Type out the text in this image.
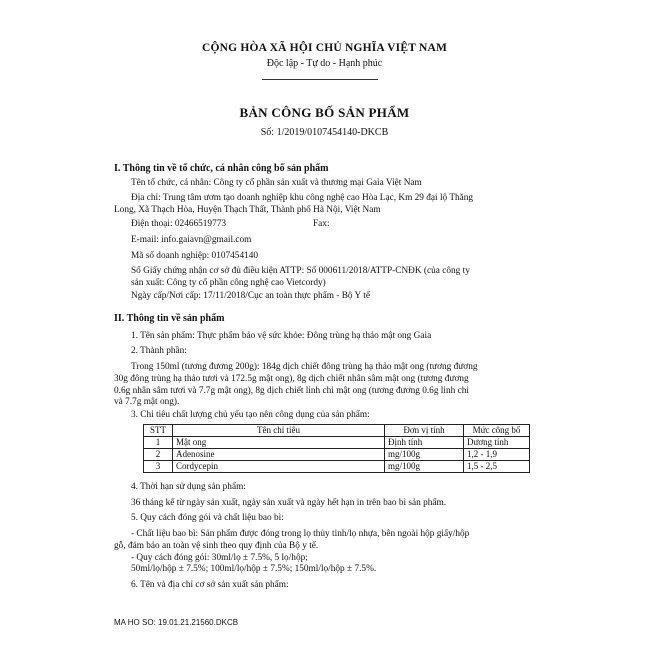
CỘNG HÒA XÃ HỘI CHỦ NGHĨA VIỆT NAM
Độc lập - Tự do - Hạnh phúc
BẢN CÔNG BỐ SẢN PHẨM
Số: 1/2019/0107454140-DKCB
I. Thông tin về tổ chức, cá nhân công bố sản phẩm
Tên tổ chức, cá nhân: Công ty cổ phần sản xuất và thương mại Gaia Việt Nam
Địa chỉ: Trung tâm ươm tạo doanh nghiệp khu công nghệ cao Hòa Lạc, Km 29 đại lộ Thăng
Long, Xã Thạch Hòa, Huyện Thạch Thất, Thành phố Hà Nội, Việt Nam
Điện thoại: 02466519773	Fax:
E-mail: info.gaiavn@gmail.com
Mã số doanh nghiệp: 0107454140
Số Giấy chứng nhận cơ sở đủ điều kiện ATTP: Số 000611/2018/ATTP-CNĐK (của công ty
sản xuất: Công ty cổ phần công nghệ cao Vietcordy)
Ngày cấp/Nơi cấp: 17/11/2018/Cục an toàn thực phẩm - Bộ Y tế
II. Thông tin về sản phẩm
1. Tên sản phẩm: Thực phẩm bảo vệ sức khỏe: Đông trùng hạ thảo mật ong Gaia
2. Thành phần:
Trong 150ml (tương đương 200g): 184g dịch chiết đông trùng hạ thảo mật ong (tương đương
30g đông trùng hạ thảo tươi và 172.5g mật ong), 8g dịch chiết nhân sâm mật ong (tương đương
0.6g nhân sâm tươi và 7.7g mật ong), 8g dịch chiết linh chi mật ong (tương đương 0.6g linh chi
và 7.7g mật ong).
3. Chỉ tiêu chất lượng chủ yếu tạo nên công dụng của sản phẩm:
STT	Tên chỉ tiêu	Đơn vị tính	Mức công bố
1	Mật ong	Định tính	Dương tính
2	Adenosine	mg/100g	1,2 - 1,9
3	Cordycepin	mg/100g	1,5 - 2,5
4. Thời hạn sử dụng sản phẩm:
36 tháng kể từ ngày sản xuất, ngày sản xuất và ngày hết hạn in trên bao bì sản phẩm.
5. Quy cách đóng gói và chất liệu bao bì:
- Chất liệu bao bì: Sản phẩm được đóng trong lọ thủy tinh/lọ nhựa, bên ngoài hộp giấy/hộp
gỗ, đảm bảo an toàn vệ sinh theo quy định của Bộ y tế.
- Quy cách đóng gói: 30ml/lọ ± 7.5%, 5 lọ/hộp;
50ml/lọ/hộp ± 7.5%; 100ml/lọ/hộp ± 7.5%; 150ml/lọ/hộp ± 7.5%.
6. Tên và địa chỉ cơ sở sản xuất sản phẩm:
MA HO SO: 19.01.21.21560.DKCB
